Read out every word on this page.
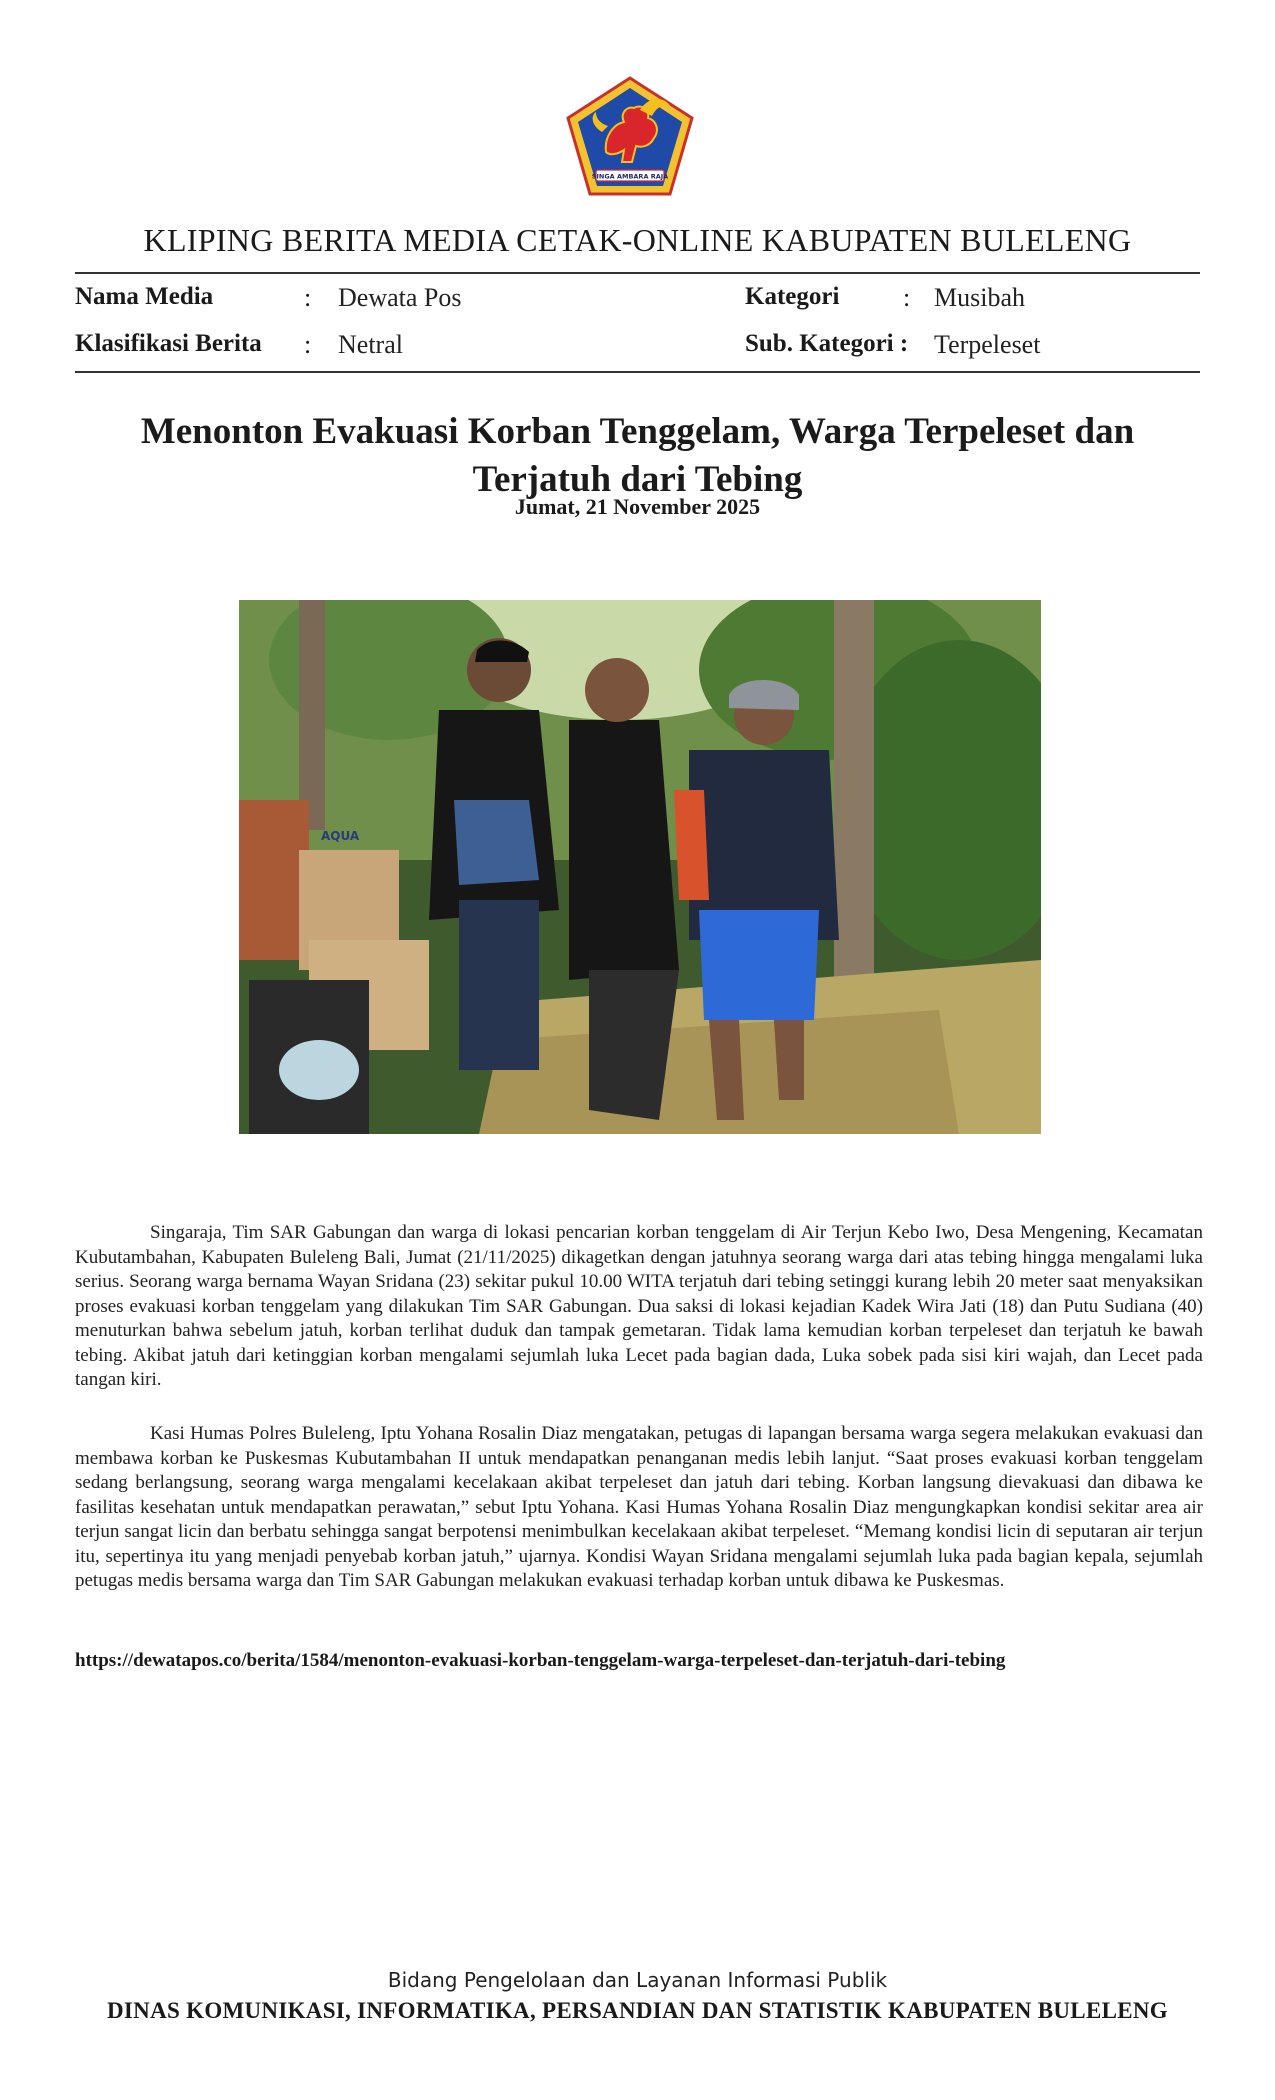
SINGA AMBARA RAJA
KLIPING BERITA MEDIA CETAK-ONLINE KABUPATEN BULELENG
Nama Media	: Dewata Pos
Klasifikasi Berita : Netral
Kategori : Musibah
Sub. Kategori : Terpeleset
Menonton Evakuasi Korban Tenggelam, Warga Terpeleset dan
Terjatuh dari Tebing
Jumat, 21 November 2025
AQUA
Singaraja, Tim SAR Gabungan dan warga di lokasi pencarian korban tenggelam di Air Terjun Kebo Iwo, Desa Mengening, Kecamatan Kubutambahan, Kabupaten Buleleng Bali, Jumat (21/11/2025) dikagetkan dengan jatuhnya seorang warga dari atas tebing hingga mengalami luka serius. Seorang warga bernama Wayan Sridana (23) sekitar pukul 10.00 WITA terjatuh dari tebing setinggi kurang lebih 20 meter saat menyaksikan proses evakuasi korban tenggelam yang dilakukan Tim SAR Gabungan. Dua saksi di lokasi kejadian Kadek Wira Jati (18) dan Putu Sudiana (40) menuturkan bahwa sebelum jatuh, korban terlihat duduk dan tampak gemetaran. Tidak lama kemudian korban terpeleset dan terjatuh ke bawah tebing. Akibat jatuh dari ketinggian korban mengalami sejumlah luka Lecet pada bagian dada, Luka sobek pada sisi kiri wajah, dan Lecet pada tangan kiri.
Kasi Humas Polres Buleleng, Iptu Yohana Rosalin Diaz mengatakan, petugas di lapangan bersama warga segera melakukan evakuasi dan membawa korban ke Puskesmas Kubutambahan II untuk mendapatkan penanganan medis lebih lanjut. “Saat proses evakuasi korban tenggelam sedang berlangsung, seorang warga mengalami kecelakaan akibat terpeleset dan jatuh dari tebing. Korban langsung dievakuasi dan dibawa ke fasilitas kesehatan untuk mendapatkan perawatan,” sebut Iptu Yohana. Kasi Humas Yohana Rosalin Diaz mengungkapkan kondisi sekitar area air terjun sangat licin dan berbatu sehingga sangat berpotensi menimbulkan kecelakaan akibat terpeleset. “Memang kondisi licin di seputaran air terjun itu, sepertinya itu yang menjadi penyebab korban jatuh,” ujarnya. Kondisi Wayan Sridana mengalami sejumlah luka pada bagian kepala, sejumlah petugas medis bersama warga dan Tim SAR Gabungan melakukan evakuasi terhadap korban untuk dibawa ke Puskesmas.
https://dewatapos.co/berita/1584/menonton-evakuasi-korban-tenggelam-warga-terpeleset-dan-terjatuh-dari-tebing
Bidang Pengelolaan dan Layanan Informasi Publik
DINAS KOMUNIKASI, INFORMATIKA, PERSANDIAN DAN STATISTIK KABUPATEN BULELENG
